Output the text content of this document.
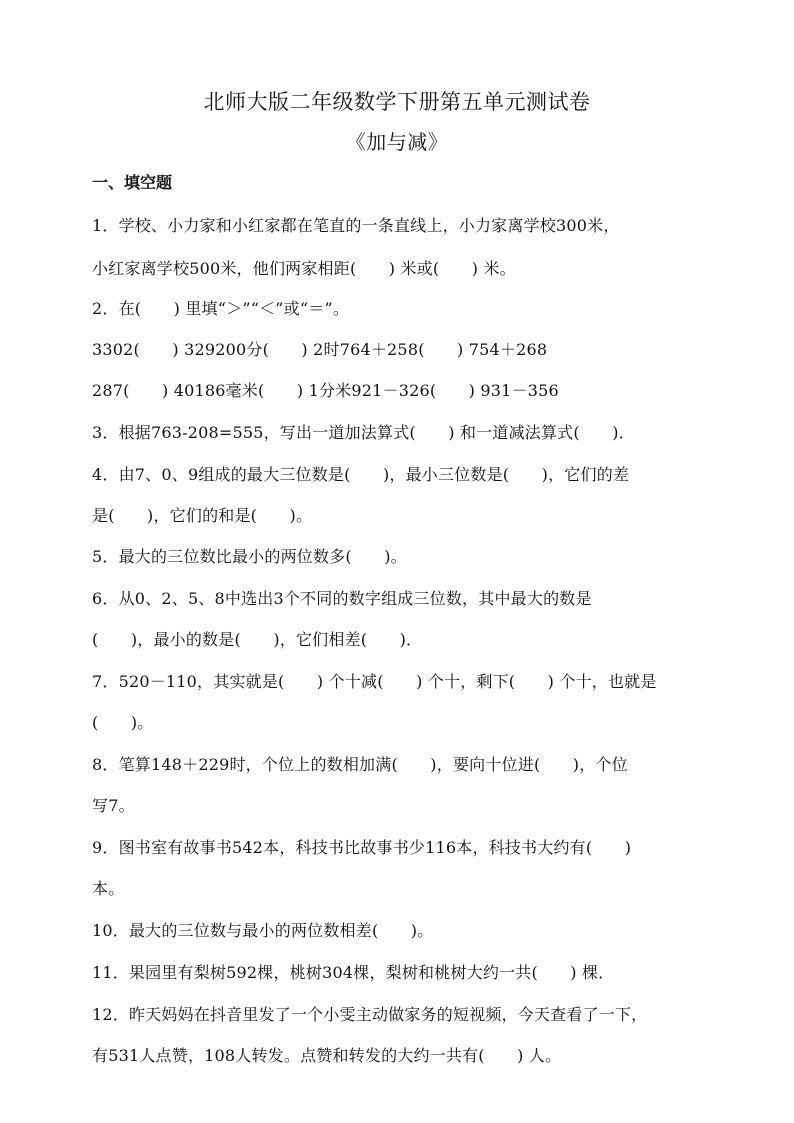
北师大版二年级数学下册第五单元测试卷
《加与减》
一、填空题
1．学校、小力家和小红家都在笔直的一条直线上，小力家离学校300米，
小红家离学校500米，他们两家相距(　　) 米或(　　) 米。
2．在(　　) 里填“＞”“＜”或“＝”。
3302(　　) 329200分(　　) 2时764＋258(　　) 754＋268
287(　　) 40186毫米(　　) 1分米921－326(　　) 931－356
3．根据763-208=555，写出一道加法算式(　　) 和一道减法算式(　　)．
4．由7、0、9组成的最大三位数是(　　)，最小三位数是(　　)，它们的差
是(　　)，它们的和是(　　)。
5．最大的三位数比最小的两位数多(　　)。
6．从0、2、5、8中选出3个不同的数字组成三位数，其中最大的数是
(　　)，最小的数是(　　)，它们相差(　　)．
7．520－110，其实就是(　　) 个十减(　　) 个十，剩下(　　) 个十，也就是
(　　)。
8．笔算148＋229时，个位上的数相加满(　　)，要向十位进(　　)，个位
写7。
9．图书室有故事书542本，科技书比故事书少116本，科技书大约有(　　)
本。
10．最大的三位数与最小的两位数相差(　　)。
11．果园里有梨树592棵，桃树304棵，梨树和桃树大约一共(　　) 棵．
12．昨天妈妈在抖音里发了一个小雯主动做家务的短视频，今天查看了一下，
有531人点赞，108人转发。点赞和转发的大约一共有(　　) 人。
